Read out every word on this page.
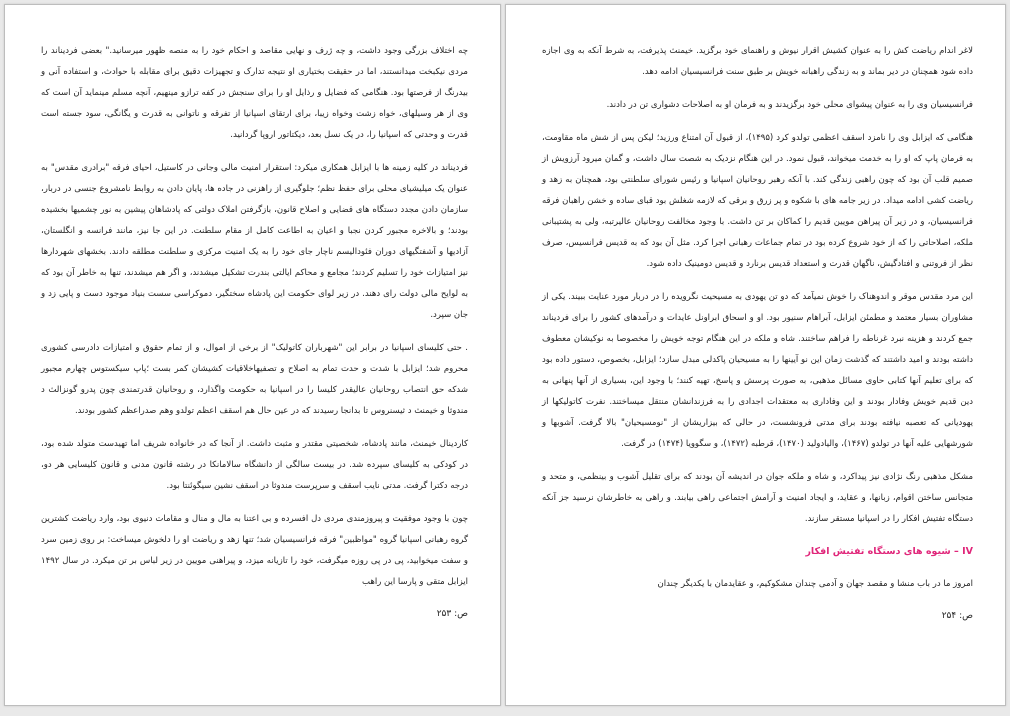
چه اختلاف بزرگی وجود داشت، و چه ژرف و نهایی مقاصد و احکام خود را به منصه ظهور میرسانید." بعضی فردیناند را مردی نیکبخت میدانستند، اما در حقیقت بختیاری او نتیجه تدارک و تجهیزات دقیق برای مقابله با حوادث، و استفاده آنی و بیدرنگ از فرصتها بود. هنگامی که فضایل و رذایل او را برای سنجش در کفه ترازو مینهیم، آنچه مسلم مینماید آن است که وی از هر وسیلهای، خواه زشت وخواه زیبا، برای ارتقای اسپانیا از تفرقه و ناتوانی به قدرت و یگانگی، سود جسته است قدرت و وحدتی که اسپانیا را، در یک نسل بعد، دیکتاتور اروپا گردانید.

فردیناند در کلیه زمینه ها با ایزابل همکاری میکرد: استقرار امنیت مالی وجانی در کاستیل، احیای فرقه "برادری مقدس" به عنوان یک میلیشیای محلی برای حفظ نظم؛ جلوگیری از راهزنی در جاده ها، پایان دادن به روابط نامشروع جنسی در دربار، سازمان دادن مجدد دستگاه های قضایی و اصلاح قانون، بازگرفتن املاک دولتی که پادشاهان پیشین به نور چشمیها بخشیده بودند؛ و بالاخره مجبور کردن نجبا و اعیان به اطاعت کامل از مقام سلطنت. در این جا نیز، مانند فرانسه و انگلستان، آزادیها و آشفتگیهای دوران فئودالیسم ناچار جای خود را به یک امنیت مرکزی و سلطنت مطلقه دادند. بخشهای شهردارها نیز امتیازات خود را تسلیم کردند؛ مجامع و محاکم ایالتی بندرت تشکیل میشدند، و اگر هم میشدند، تنها به خاطر آن بود که به لوایح مالی دولت رای دهند. در زیر لوای حکومت این پادشاه سختگیر، دموکراسی سست بنیاد موجود دست و پایی زد و جان سپرد.

. حتی کلیسای اسپانیا در برابر این "شهرباران کاتولیک" از برخی از اموال، و از تمام حقوق و امتیازات دادرسی کشوری محروم شد؛ ایزابل با شدت و حدت تمام به اصلاح و تصفیهاخلاقیات کشیشان کمر بست ؛پاپ سیکستوس چهارم مجبور شدکه حق انتصاب روحانیان عالیقدر کلیسا را در اسپانیا به حکومت واگذارد، و روحانیان قدرتمندی چون پدرو گونزالث د مندوثا و خیمنث د ثیسنروس تا بدانجا رسیدند که در عین حال هم اسقف اعظم تولدو وهم صدراعظم کشور بودند.

کاردینال خیمنث، مانند پادشاه، شخصیتی مقتدر و مثبت داشت. از آنجا که در خانواده شریف اما تهیدست متولد شده بود، در کودکی به کلیسای سپرده شد. در بیست سالگی از دانشگاه سالامانکا در رشته قانون مدنی و قانون کلیسایی هر دو، درجه دکترا گرفت. مدتی نایب اسقف و سرپرست مندوثا در اسقف نشین سیگوئنتا بود.

چون با وجود موفقیت و پیروزمندی مردی دل افسرده و بی اعتنا به مال و منال و مقامات دنیوی بود، وارد ریاضت کشترین گروه رهبانی اسپانیا گروه "مواظبین" فرقه فرانسیسیان شد؛ تنها زهد و ریاضت او را دلخوش میساخت: بر روی زمین سرد و سفت میخوابید، پی در پی روزه میگرفت، خود را تازیانه میزد، و پیراهنی مویین در زیر لباس بر تن میکرد. در سال ۱۴۹۲ ایزابل متقی و پارسا این راهب

ص: ۲۵۳

لاغر اندام ریاضت کش را به عنوان کشیش اقرار نیوش و راهنمای خود برگزید. خیمنث پذیرفت، به شرط آنکه به وی اجازه داده شود همچنان در دیر بماند و به زندگی راهبانه خویش بر طبق سنت فرانسیسیان ادامه دهد.

فرانسیسیان وی را به عنوان پیشوای محلی خود برگزیدند و به فرمان او به اصلاحات دشواری تن در دادند.

هنگامی که ایزابل وی را نامزد اسقف اعظمی تولدو کرد (۱۴۹۵)، از قبول آن امتناع ورزید؛ لیکن پس از شش ماه مقاومت، به فرمان پاپ که او را به خدمت میخواند، قبول نمود. در این هنگام نزدیک به شصت سال داشت، و گمان میرود آرزویش از صمیم قلب آن بود که چون راهبی زندگی کند. با آنکه رهبر روحانیان اسپانیا و رئیس شورای سلطنتی بود، همچنان به زهد و ریاضت کشی ادامه میداد. در زیر جامه های با شکوه و پر زرق و برقی که لازمه شغلش بود قبای ساده و خشن راهبان فرقه فرانسیسیان، و در زیر آن پیراهن مویین قدیم را کماکان بر تن داشت. با وجود مخالفت روحانیان عالیرتبه، ولی به پشتیبانی ملکه، اصلاحاتی را که از خود شروع کرده بود در تمام جماعات رهبانی اجرا کرد. مثل آن بود که به قدیس فرانسیس، صرف نظر از فروتنی و افتادگیش، ناگهان قدرت و استعداد قدیس برنارد و قدیس دومینیک داده شود.

این مرد مقدس موقر و اندوهناک را خوش نمیآمد که دو تن یهودی به مسیحیت نگرویده را در دربار مورد عنایت ببیند. یکی از مشاوران بسیار معتمد و مطمئن ایزابل، آبراهام سنیور بود. او و اسحاق ابراونل عایدات و درآمدهای کشور را برای فردیناند جمع کردند و هزینه نبرد غرناطه را فراهم ساختند. شاه و ملکه در این هنگام توجه خویش را مخصوصا به نوکیشان معطوف داشته بودند و امید داشتند که گذشت زمان این نو آیینها را به مسیحیان پاکدلی مبدل سازد؛ ایزابل، بخصوص، دستور داده بود که برای تعلیم آنها کتابی حاوی مسائل مذهبی، به صورت پرسش و پاسخ، تهیه کنند؛ با وجود این، بسیاری از آنها پنهانی به دین قدیم خویش وفادار بودند و این وفاداری به معتقدات اجدادی را به فرزندانشان منتقل میساختند. نفرت کاتولیکها از یهودیانی که تعصبه نیافته بودند برای مدتی فرونشست، در حالی که بیزاریشان از "نومسیحیان" بالا گرفت. آشوبها و شورشهایی علیه آنها در تولدو (۱۴۶۷)، والیادولید (۱۴۷۰)، قرطبه (۱۴۷۲)، و سگوویا (۱۴۷۴) در گرفت.

مشکل مذهبی رنگ نژادی نیز پیداکرد، و شاه و ملکه جوان در اندیشه آن بودند که برای تقلیل آشوب و بینظمی، و متحد و متجانس ساختن اقوام، زبانها، و عقاید، و ایجاد امنیت و آرامش اجتماعی راهی بیابند. و راهی به خاطرشان نرسید جز آنکه دستگاه تفتیش افکار را در اسپانیا مستقر سازند.

IV – شیوه های دستگاه تفتیش افکار

امروز ما در باب منشا و مقصد جهان و آدمی چندان مشکوکیم، و عقایدمان با یکدیگر چندان

ص: ۲۵۴
